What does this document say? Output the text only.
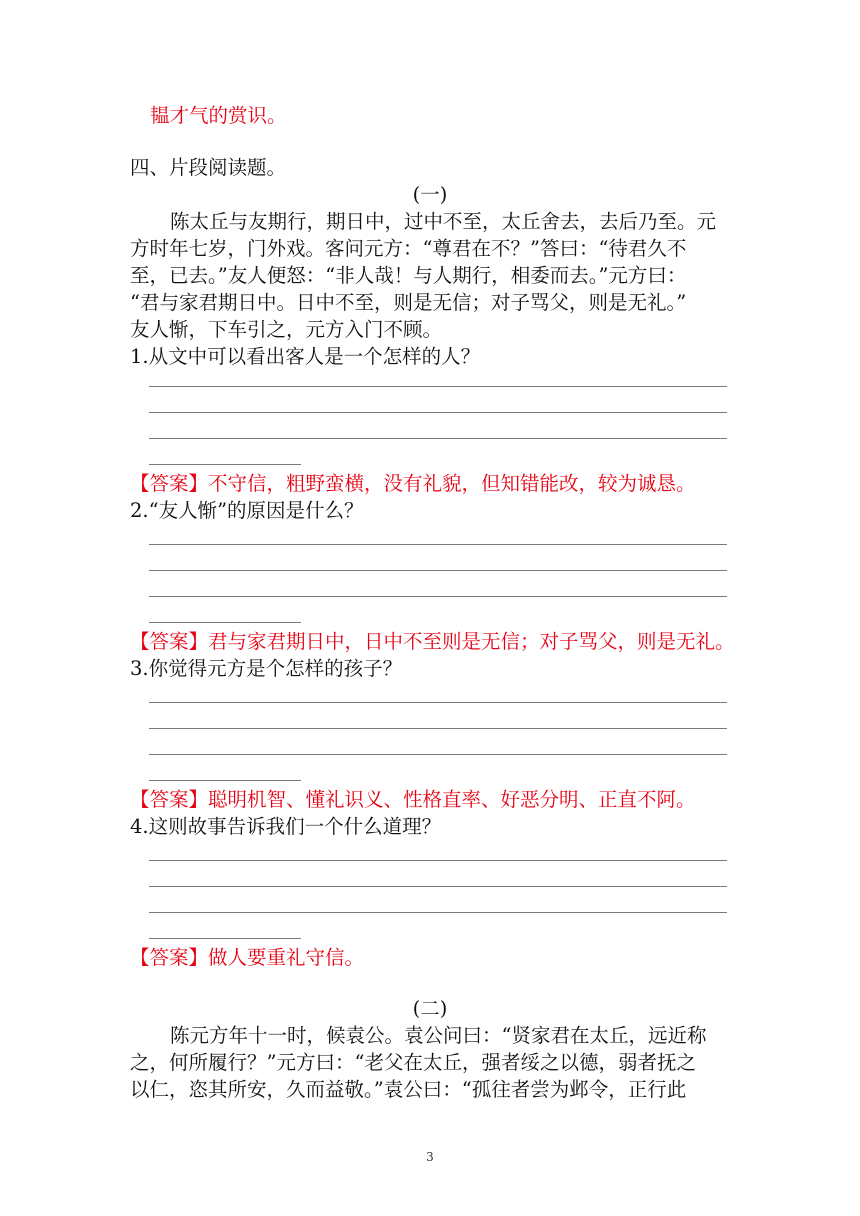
韫才气的赏识。
四、片段阅读题。
(一)
陈太丘与友期行，期日中，过中不至，太丘舍去，去后乃至。元
方时年七岁，门外戏。客问元方：“尊君在不？”答曰：“待君久不
至，已去。”友人便怒：“非人哉！与人期行，相委而去。”元方曰：
“君与家君期日中。日中不至，则是无信；对子骂父，则是无礼。”
友人惭，下车引之，元方入门不顾。
1.从文中可以看出客人是一个怎样的人？
【答案】不守信，粗野蛮横，没有礼貌，但知错能改，较为诚恳。
2.“友人惭”的原因是什么？
【答案】君与家君期日中，日中不至则是无信；对子骂父，则是无礼。
3.你觉得元方是个怎样的孩子？
【答案】聪明机智、懂礼识义、性格直率、好恶分明、正直不阿。
4.这则故事告诉我们一个什么道理？
【答案】做人要重礼守信。
(二)
陈元方年十一时，候袁公。袁公问曰：“贤家君在太丘，远近称
之，何所履行？”元方曰：“老父在太丘，强者绥之以德，弱者抚之
以仁，恣其所安，久而益敬。”袁公曰：“孤往者尝为邺令，正行此
3
